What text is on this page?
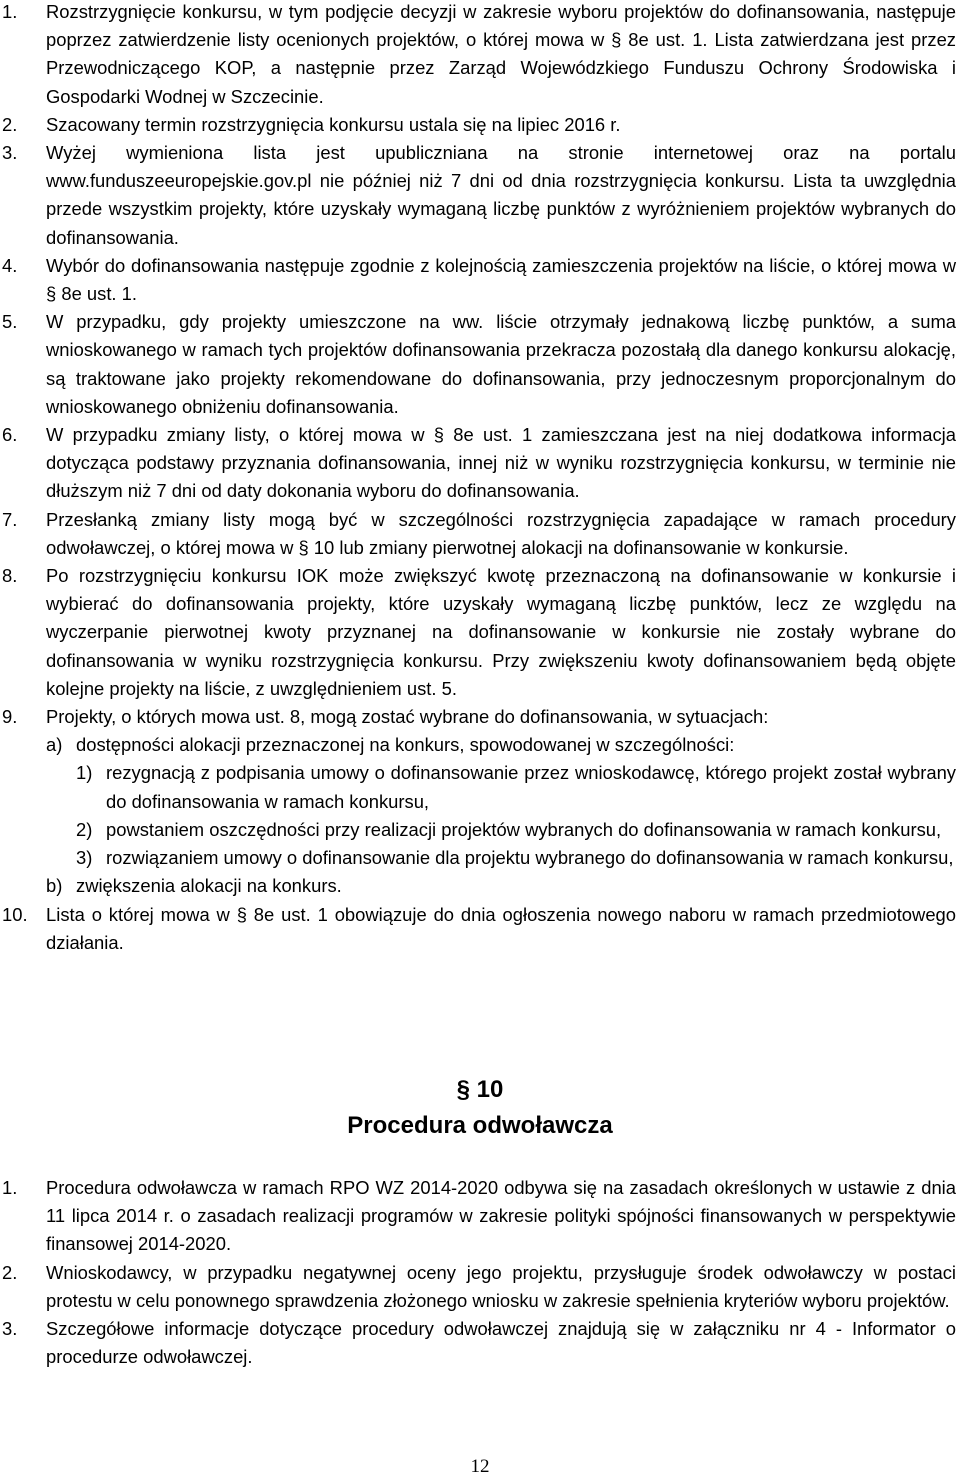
1.	Rozstrzygnięcie konkursu, w tym podjęcie decyzji w zakresie wyboru projektów do dofinansowania, następuje poprzez zatwierdzenie listy ocenionych projektów, o której mowa w § 8e ust. 1. Lista zatwierdzana jest przez Przewodniczącego KOP, a następnie przez Zarząd Wojewódzkiego Funduszu Ochrony Środowiska i Gospodarki Wodnej w Szczecinie.
2.	Szacowany termin rozstrzygnięcia konkursu ustala się na lipiec 2016 r.
3.	Wyżej wymieniona lista jest upubliczniana na stronie internetowej oraz na portalu www.funduszeeuropejskie.gov.pl nie później niż 7 dni od dnia rozstrzygnięcia konkursu. Lista ta uwzględnia przede wszystkim projekty, które uzyskały wymaganą liczbę punktów z wyróżnieniem projektów wybranych do dofinansowania.
4.	Wybór do dofinansowania następuje zgodnie z kolejnością zamieszczenia projektów na liście, o której mowa w § 8e ust. 1.
5.	W przypadku, gdy projekty umieszczone na ww. liście otrzymały jednakową liczbę punktów, a suma wnioskowanego w ramach tych projektów dofinansowania przekracza pozostałą dla danego konkursu alokację, są traktowane jako projekty rekomendowane do dofinansowania, przy jednoczesnym proporcjonalnym do wnioskowanego obniżeniu dofinansowania.
6.	W przypadku zmiany listy, o której mowa w § 8e ust. 1 zamieszczana jest na niej dodatkowa informacja dotycząca podstawy przyznania dofinansowania, innej niż w wyniku rozstrzygnięcia konkursu, w terminie nie dłuższym niż 7 dni od daty dokonania wyboru do dofinansowania.
7.	Przesłanką zmiany listy mogą być w szczególności rozstrzygnięcia zapadające w ramach procedury odwoławczej, o której mowa w § 10 lub zmiany pierwotnej alokacji na dofinansowanie w konkursie.
8.	Po rozstrzygnięciu konkursu IOK może zwiększyć kwotę przeznaczoną na dofinansowanie w konkursie i wybierać do dofinansowania projekty, które uzyskały wymaganą liczbę punktów, lecz ze względu na wyczerpanie pierwotnej kwoty przyznanej na dofinansowanie w konkursie nie zostały wybrane do dofinansowania w wyniku rozstrzygnięcia konkursu. Przy zwiększeniu kwoty dofinansowaniem będą objęte kolejne projekty na liście, z uwzględnieniem ust. 5.
9.	Projekty, o których mowa ust. 8, mogą zostać wybrane do dofinansowania, w sytuacjach:
a) dostępności alokacji przeznaczonej na konkurs, spowodowanej w szczególności:
1) rezygnacją z podpisania umowy o dofinansowanie przez wnioskodawcę, którego projekt został wybrany do dofinansowania w ramach konkursu,
2) powstaniem oszczędności przy realizacji projektów wybranych do dofinansowania w ramach konkursu,
3) rozwiązaniem umowy o dofinansowanie dla projektu wybranego do dofinansowania w ramach konkursu,
b) zwiększenia alokacji na konkurs.
10.	Lista o której mowa w § 8e ust. 1 obowiązuje do dnia ogłoszenia nowego naboru w ramach przedmiotowego działania.
§ 10
Procedura odwoławcza
1.	Procedura odwoławcza w ramach RPO WZ 2014-2020 odbywa się na zasadach określonych w ustawie z dnia 11 lipca 2014 r. o zasadach realizacji programów w zakresie polityki spójności finansowanych w perspektywie finansowej 2014-2020.
2.	Wnioskodawcy, w przypadku negatywnej oceny jego projektu, przysługuje środek odwoławczy w postaci protestu w celu ponownego sprawdzenia złożonego wniosku w zakresie spełnienia kryteriów wyboru projektów.
3.	Szczegółowe informacje dotyczące procedury odwoławczej znajdują się w załączniku nr 4 - Informator o procedurze odwoławczej.
12
